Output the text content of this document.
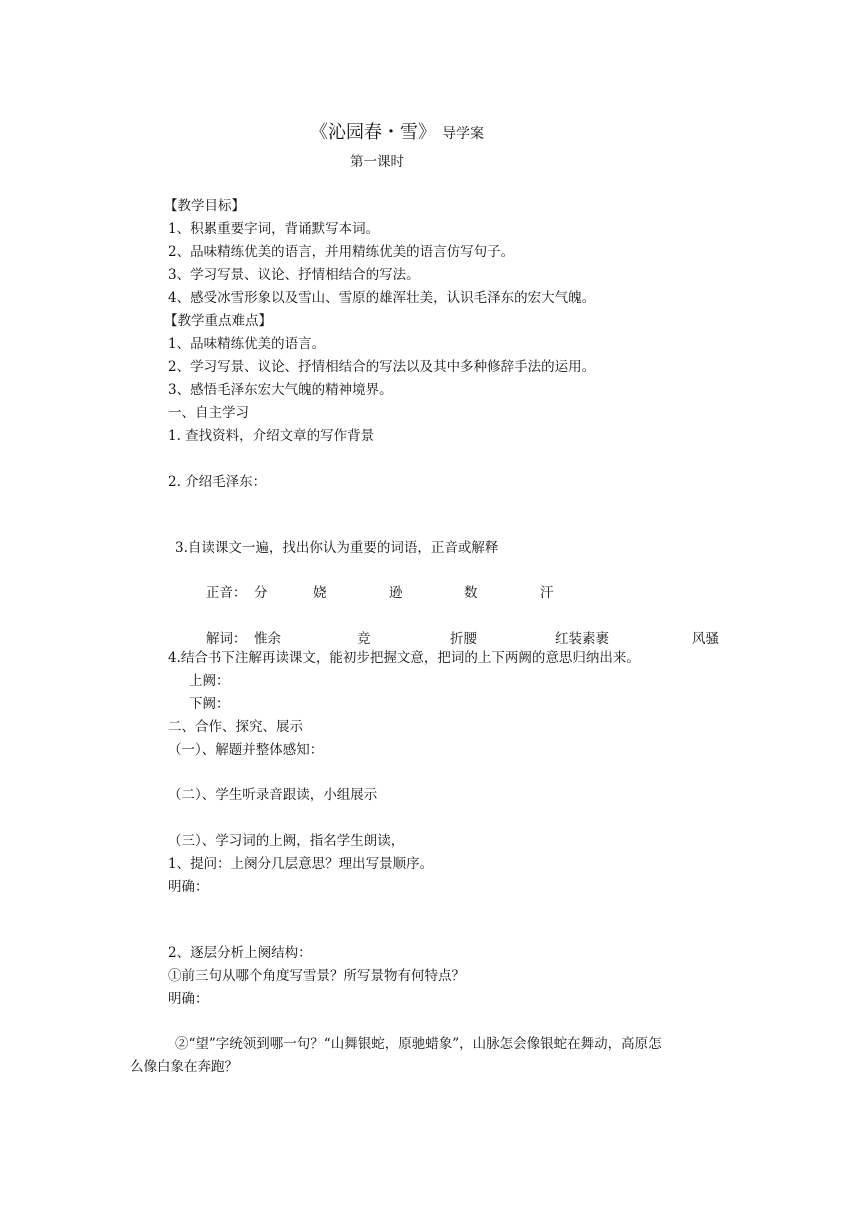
《沁园春・雪》 导学案
第一课时
【教学目标】
1、积累重要字词，背诵默写本词。
2、品味精练优美的语言，并用精练优美的语言仿写句子。
3、学习写景、议论、抒情相结合的写法。
4、感受冰雪形象以及雪山、雪原的雄浑壮美，认识毛泽东的宏大气魄。
【教学重点难点】
1、品味精练优美的语言。
2、学习写景、议论、抒情相结合的写法以及其中多种修辞手法的运用。
3、感悟毛泽东宏大气魄的精神境界。
一、自主学习
1. 查找资料，介绍文章的写作背景
2. 介绍毛泽东：
3.自读课文一遍，找出你认为重要的词语，正音或解释
正音： 分	娆	逊	数	汗
解词： 惟余	竞	折腰	红装素裹	风骚
4.结合书下注解再读课文，能初步把握文意，把词的上下两阙的意思归纳出来。
上阙：
下阙：
二、合作、探究、展示
（一）、解题并整体感知：
（二）、学生听录音跟读，小组展示
（三）、学习词的上阙，指名学生朗读，
1、提问：上阕分几层意思？理出写景顺序。
明确：
2、逐层分析上阕结构：
①前三句从哪个角度写雪景？所写景物有何特点？
明确：
②“望”字统领到哪一句？“山舞银蛇，原驰蜡象”，山脉怎会像银蛇在舞动，高原怎
么像白象在奔跑？
